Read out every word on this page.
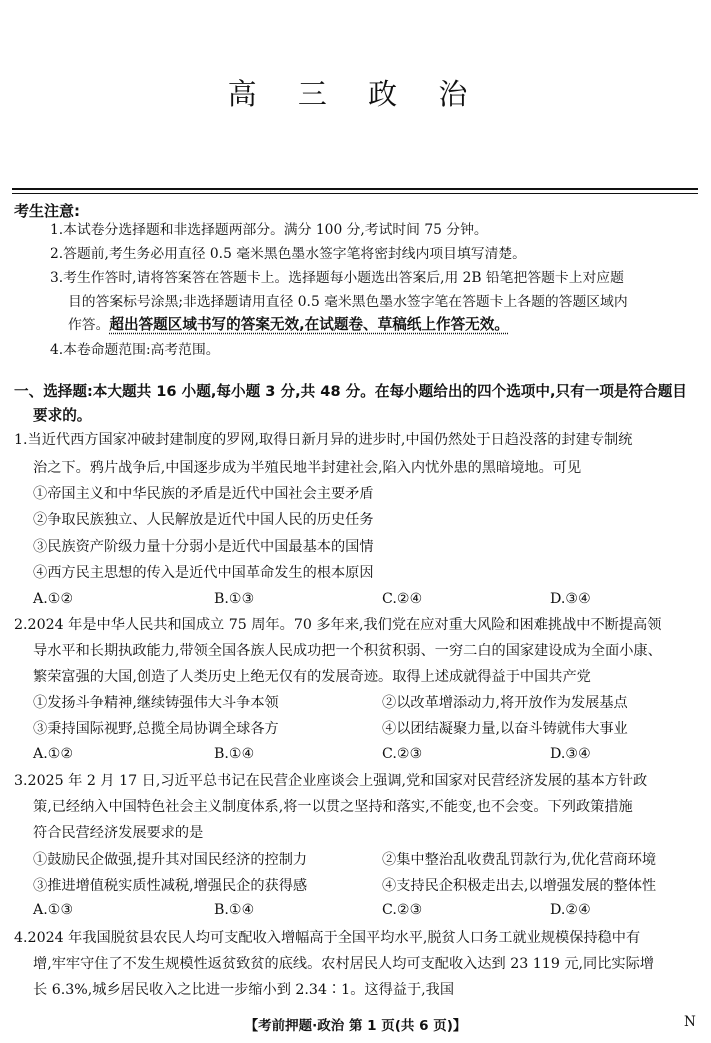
高 三 政 治
考生注意:
1.本试卷分选择题和非选择题两部分。满分 100 分,考试时间 75 分钟。
2.答题前,考生务必用直径 0.5 毫米黑色墨水签字笔将密封线内项目填写清楚。
3.考生作答时,请将答案答在答题卡上。选择题每小题选出答案后,用 2B 铅笔把答题卡上对应题
目的答案标号涂黑;非选择题请用直径 0.5 毫米黑色墨水签字笔在答题卡上各题的答题区域内
作答。超出答题区域书写的答案无效,在试题卷、草稿纸上作答无效。
4.本卷命题范围:高考范围。
一、选择题:本大题共 16 小题,每小题 3 分,共 48 分。在每小题给出的四个选项中,只有一项是符合题目
要求的。
1.当近代西方国家冲破封建制度的罗网,取得日新月异的进步时,中国仍然处于日趋没落的封建专制统
治之下。鸦片战争后,中国逐步成为半殖民地半封建社会,陷入内忧外患的黑暗境地。可见
①帝国主义和中华民族的矛盾是近代中国社会主要矛盾
②争取民族独立、人民解放是近代中国人民的历史任务
③民族资产阶级力量十分弱小是近代中国最基本的国情
④西方民主思想的传入是近代中国革命发生的根本原因
A.①②	B.①③	C.②④	D.③④
2.2024 年是中华人民共和国成立 75 周年。70 多年来,我们党在应对重大风险和困难挑战中不断提高领
导水平和长期执政能力,带领全国各族人民成功把一个积贫积弱、一穷二白的国家建设成为全面小康、
繁荣富强的大国,创造了人类历史上绝无仅有的发展奇迹。取得上述成就得益于中国共产党
①发扬斗争精神,继续铸强伟大斗争本领	②以改革增添动力,将开放作为发展基点
③秉持国际视野,总揽全局协调全球各方	④以团结凝聚力量,以奋斗铸就伟大事业
A.①②	B.①④	C.②③	D.③④
3.2025 年 2 月 17 日,习近平总书记在民营企业座谈会上强调,党和国家对民营经济发展的基本方针政
策,已经纳入中国特色社会主义制度体系,将一以贯之坚持和落实,不能变,也不会变。下列政策措施
符合民营经济发展要求的是
①鼓励民企做强,提升其对国民经济的控制力	②集中整治乱收费乱罚款行为,优化营商环境
③推进增值税实质性减税,增强民企的获得感	④支持民企积极走出去,以增强发展的整体性
A.①③	B.①④	C.②③	D.②④
4.2024 年我国脱贫县农民人均可支配收入增幅高于全国平均水平,脱贫人口务工就业规模保持稳中有
增,牢牢守住了不发生规模性返贫致贫的底线。农村居民人均可支配收入达到 23 119 元,同比实际增
长 6.3%,城乡居民收入之比进一步缩小到 2.34∶1。这得益于,我国
【考前押题·政治 第 1 页(共 6 页)】	N
